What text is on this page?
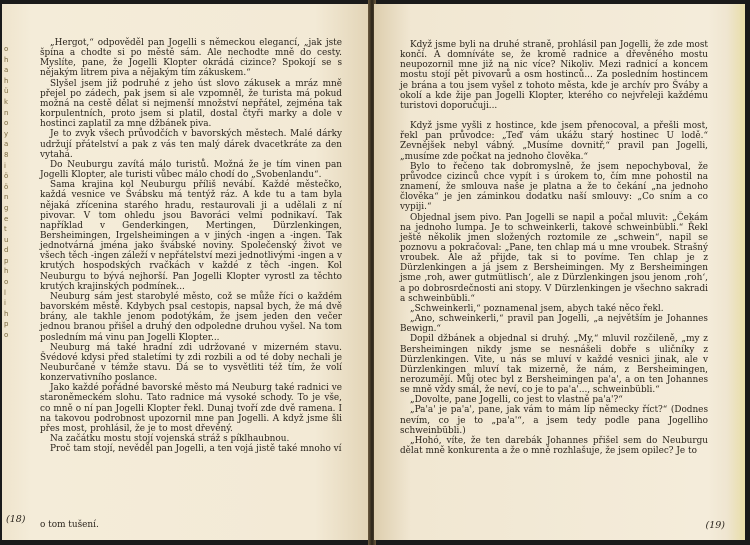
o
h
a
h
ü
k
n
o
y
a
8
i
ö
ö
n
g
e
t
u
d
p
h
o
l
i
h
p
o

„Hergot,“ odpověděl pan Jogelli s německou elegancí, „jak jste špína a chodte si po městě sám. Ale nechodte mně do cesty. Myslíte, pane, že Jogelli Klopter okrádá cizince? Spokojí se s nějakým litrem piva a nějakým tím zákuskem.“

Slyšel jsem již podruhé z jeho úst slovo zákusek a mráz mně přejel po zádech, pak jsem si ale vzpomněl, že turista má pokud možná na cestě dělat si nejmenší množství nepřátel, zejména tak korpulentních, proto jsem si platil, dostal čtyři marky a dole v hostinci zaplatil za mne džbánek piva.

Je to zvyk všech průvodčích v bavorských městech. Malé dárky udržují přátelství a pak z vás ten malý dárek dvacetkráte za den vytahá.

Do Neuburgu zavítá málo turistů. Možná že je tím vinen pan Jogelli Klopter, ale turisti vůbec málo chodí do „Svobenlandu“.

Sama krajina kol Neuburgu příliš nevábí. Každé městečko, každá vesnice ve Švábsku má tentýž ráz. A kde tu a tam byla nějaká zřícenina starého hradu, restaurovali ji a udělali z ní pivovar. V tom ohledu jsou Bavoráci velmi podnikaví. Tak například v Genderkingen, Mertingen, Dürzlenkingen, Bersheimingen, Irgelsheimingen a v jiných -ingen a -ingen. Tak jednotvárná jména jako švábské noviny. Společenský život ve všech těch -ingen záleží v nepřátelství mezi jednotlivými -ingen a v krutých hospodských rvačkách v každé z těch -ingen. Kol Neuburgu to bývá nejhorší. Pan Jogelli Klopter vyrostl za těchto krutých krajinských podmínek...

Neuburg sám jest starobylé město, což se může říci o každém bavorském městě. Kdybych psal cestopis, napsal bych, že má dvě brány, ale takhle jenom podotýkám, že jsem jeden den večer jednou branou přišel a druhý den odpoledne druhou vyšel. Na tom posledním má vinu pan Jogelli Klopter...

Neuburg má také hradní zdi udržované v mizerném stavu. Švédové kdysi před staletími ty zdi rozbili a od té doby nechali je Neuburčané v témže stavu. Dá se to vysvětliti též tím, že volí konzervativního poslance.

Jako každé pořádné bavorské město má Neuburg také radnici ve staroněmeckém slohu. Tato radnice má vysoké schody. To je vše, co mně o ní pan Jogelli Klopter řekl. Dunaj tvoří zde dvě ramena. I na takovou podrobnost upozornil mne pan Jogelli. A když jsme šli přes most, prohlásil, že je to most dřevěný.

Na začátku mostu stojí vojenská stráž s píklhaubnou.

Proč tam stojí, nevěděl pan Jogelli, a ten vojá jistě také mnoho ví

o tom tušení.
(18)

Když jsme byli na druhé straně, prohlásil pan Jogelli, že zde most končí. A domníváte se, že kromě radnice a dřevěného mostu neupozornil mne již na nic více? Nikoliv. Mezi radnicí a koncem mostu stojí pět pivovarů a osm hostinců... Za posledním hostincem je brána a tou jsem vyšel z tohoto města, kde je archív pro Šváby a okolí a kde žije pan Jogelli Klopter, kterého co nejvřeleji každému turistovi doporučuji...

Když jsme vyšli z hostince, kde jsem přenocoval, a přešli most, řekl pan průvodce: „Teď vám ukážu starý hostinec U lodě.“ Zevnějšek nebyl vábný. „Musíme dovnitř,“ pravil pan Jogelli, „musíme zde počkat na jednoho člověka.“

Bylo to řečeno tak dobromyslně, že jsem nepochyboval, že průvodce cizinců chce vypít i s úrokem to, čím mne pohostil na znamení, že smlouva naše je platna a že to čekání „na jednoho člověka“ je jen záminkou dodatku naší smlouvy: „Co sním a co vypiji.“

Objednal jsem pivo. Pan Jogelli se napil a počal mluvit: „Čekám na jednoho lumpa. Je to schweinkerli, takové schweinbübli.“ Řekl ještě několik jmen složených roztomile ze „schwein“, napil se poznovu a pokračoval: „Pane, ten chlap má u mne vroubek. Strašný vroubek. Ale až přijde, tak si to povíme. Ten chlap je z Dürzlenkingen a já jsem z Bersheimingen. My z Bersheimingen jsme ‚roh, awer gutmütlisch‘, ale z Dürzlenkingen jsou jenom ‚roh‘, a po dobrosrdečnosti ani stopy. V Dürzlenkingen je všechno sakradi a schweinbübli.“

„Schweinkerli,“ poznamenal jsem, abych také něco řekl.

„Ano, schweinkerli,“ pravil pan Jogelli, „a největším je Johannes Bewign.“

Dopil džbánek a objednal si druhý. „My,“ mluvil rozčileně, „my z Bersheimingen nikdy jsme se nesnášeli dobře s uličníky z Dürzlenkingen. Vite, u nás se mluví v každé vesnici jinak, ale v Dürzlenkingen mluví tak mizerně, že nám, z Bersheimingen, nerozumějí. Můj otec byl z Bersheimingen pa'a', a on ten Johannes se mně vždy smál, že neví, co je to pa'a'..., schweinbübli.“

„Dovolte, pane Jogelli, co jest to vlastně pa'a'?“

„Pa'a' je pa'a', pane, jak vám to mám líp německy říct?“ (Dodnes nevím, co je to „pa'a'“, a jsem tedy podle pana Jogelliho schweinbübli.)

„Hohó, víte, že ten darebák Johannes přišel sem do Neuburgu dělat mně konkurenta a že o mně rozhlašuje, že jsem opilec? Je to

(19)
